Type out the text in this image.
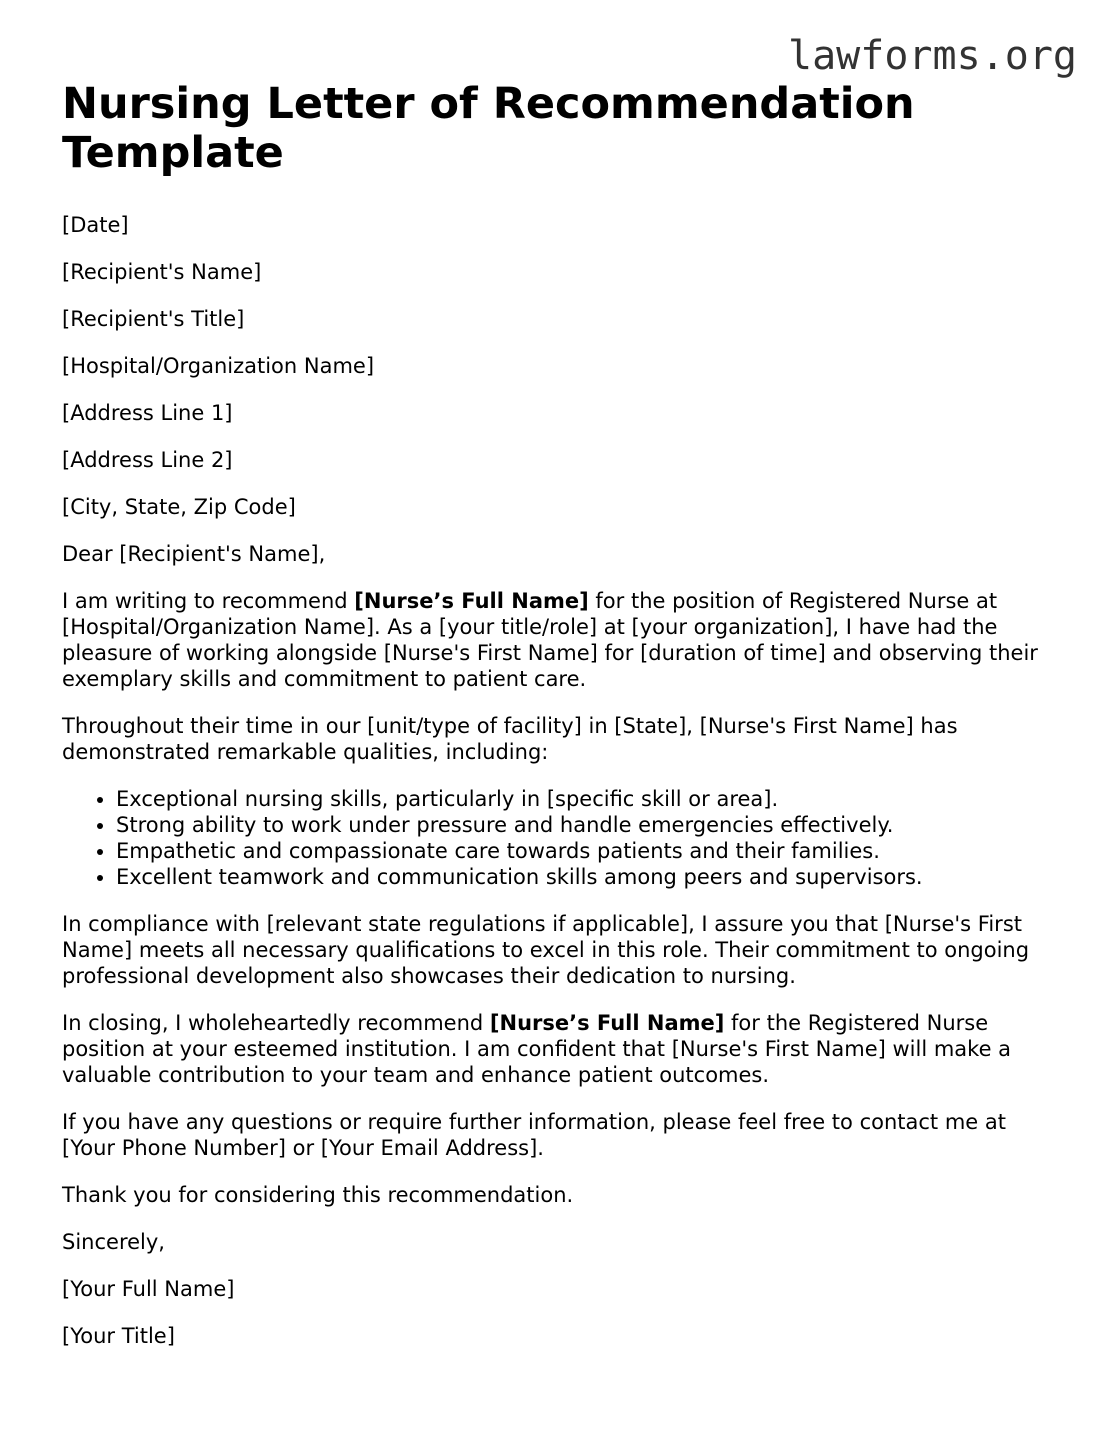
lawforms.org
Nursing Letter of Recommendation Template

[Date]

[Recipient's Name]

[Recipient's Title]

[Hospital/Organization Name]

[Address Line 1]

[Address Line 2]

[City, State, Zip Code]

Dear [Recipient's Name],

I am writing to recommend [Nurse’s Full Name] for the position of Registered Nurse at [Hospital/Organization Name]. As a [your title/role] at [your organization], I have had the pleasure of working alongside [Nurse's First Name] for [duration of time] and observing their exemplary skills and commitment to patient care.

Throughout their time in our [unit/type of facility] in [State], [Nurse's First Name] has demonstrated remarkable qualities, including:

• Exceptional nursing skills, particularly in [specific skill or area].
• Strong ability to work under pressure and handle emergencies effectively.
• Empathetic and compassionate care towards patients and their families.
• Excellent teamwork and communication skills among peers and supervisors.

In compliance with [relevant state regulations if applicable], I assure you that [Nurse's First Name] meets all necessary qualifications to excel in this role. Their commitment to ongoing professional development also showcases their dedication to nursing.

In closing, I wholeheartedly recommend [Nurse’s Full Name] for the Registered Nurse position at your esteemed institution. I am confident that [Nurse's First Name] will make a valuable contribution to your team and enhance patient outcomes.

If you have any questions or require further information, please feel free to contact me at [Your Phone Number] or [Your Email Address].

Thank you for considering this recommendation.

Sincerely,

[Your Full Name]

[Your Title]
